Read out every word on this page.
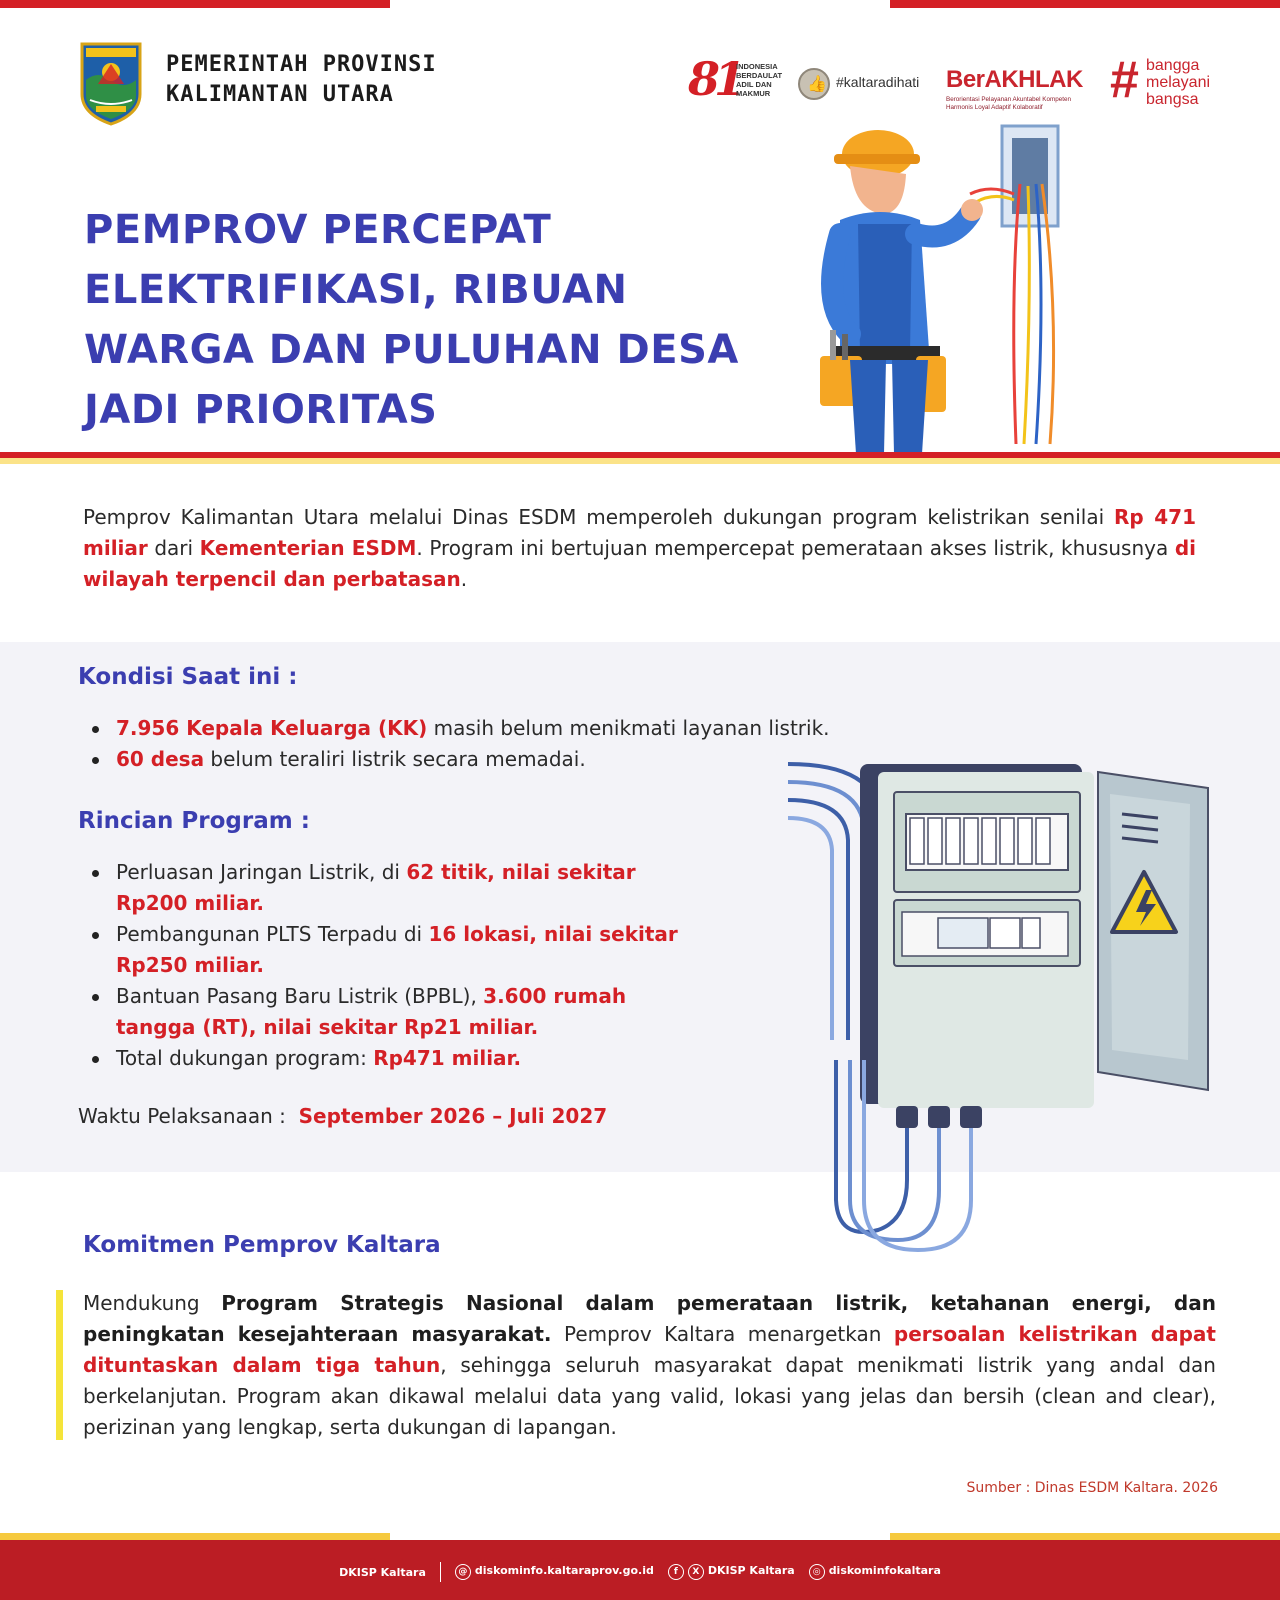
PEMERINTAH PROVINSI
KALIMANTAN UTARA	81
INDONESIA BERDAULAT ADIL DAN MAKMUR
👍 #kaltaradihati BerAKHLAK
Berorientasi Pelayanan Akuntabel Kompeten Harmonis Loyal Adaptif Kolaboratif	# bangga
melayani
bangsa
PEMPROV PERCEPAT ELEKTRIFIKASI, RIBUAN WARGA DAN PULUHAN DESA JADI PRIORITAS

Pemprov Kalimantan Utara melalui Dinas ESDM memperoleh dukungan program kelistrikan senilai Rp 471 miliar dari Kementerian ESDM. Program ini bertujuan mempercepat pemerataan akses listrik, khususnya di wilayah terpencil dan perbatasan.

Kondisi Saat ini :
7.956 Kepala Keluarga (KK) masih belum menikmati layanan listrik.
60 desa belum teraliri listrik secara memadai.
Rincian Program :
Perluasan Jaringan Listrik, di 62 titik, nilai sekitar Rp200 miliar.
Pembangunan PLTS Terpadu di 16 lokasi, nilai sekitar Rp250 miliar.
Bantuan Pasang Baru Listrik (BPBL), 3.600 rumah tangga (RT), nilai sekitar Rp21 miliar.
Total dukungan program: Rp471 miliar.
Waktu Pelaksanaan :  September 2026 – Juli 2027
Komitmen Pemprov Kaltara

Mendukung Program Strategis Nasional dalam pemerataan listrik, ketahanan energi, dan peningkatan kesejahteraan masyarakat. Pemprov Kaltara menargetkan persoalan kelistrikan dapat dituntaskan dalam tiga tahun, sehingga seluruh masyarakat dapat menikmati listrik yang andal dan berkelanjutan. Program akan dikawal melalui data yang valid, lokasi yang jelas dan bersih (clean and clear), perizinan yang lengkap, serta dukungan di lapangan.

Sumber : Dinas ESDM Kaltara. 2026
DKISP Kaltara	@ diskominfo.kaltaraprov.go.id	f X DKISP Kaltara	◎ diskominfokaltara
